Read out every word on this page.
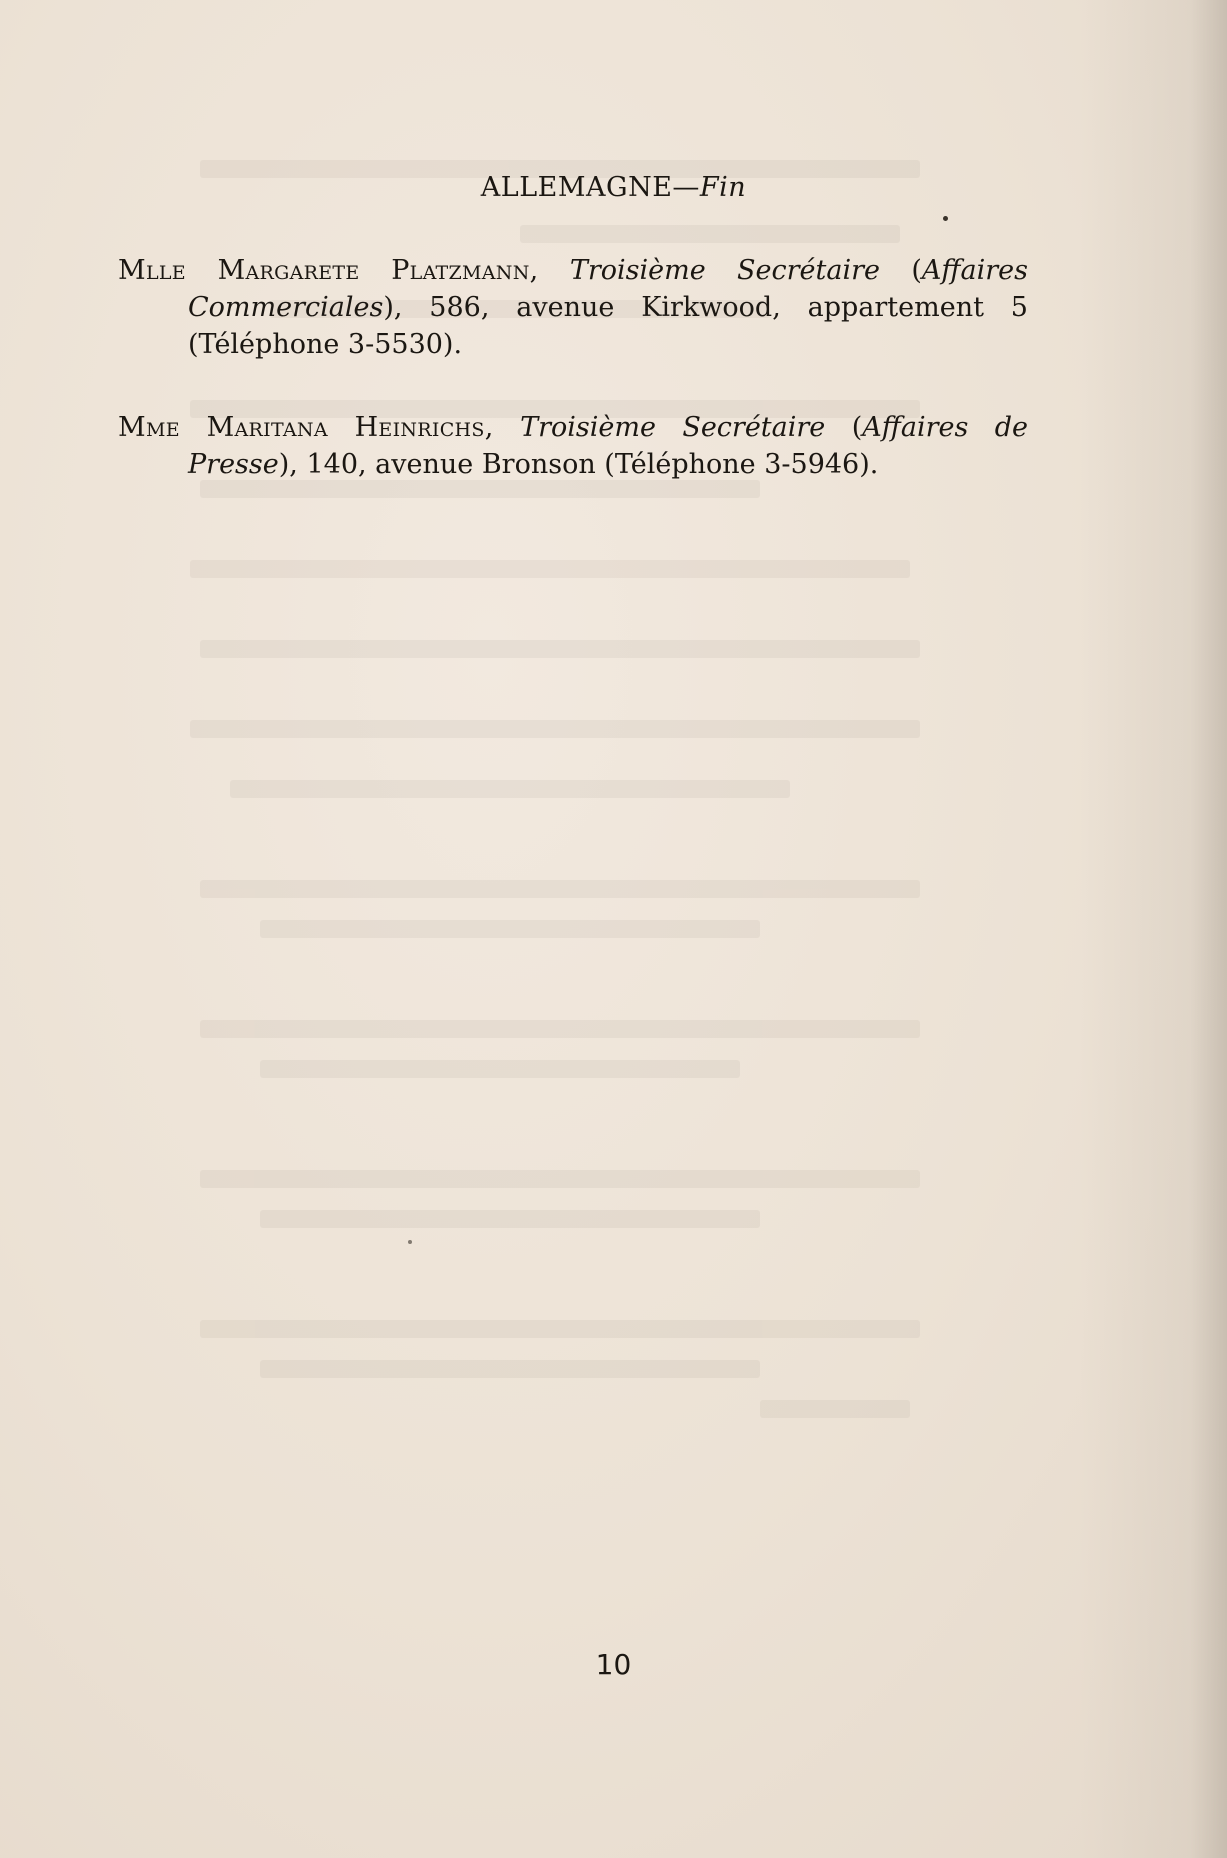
ALLEMAGNE—Fin
Mlle Margarete Platzmann, Troisième Secrétaire (Affaires Commerciales), 586, avenue Kirkwood, appartement 5 (Téléphone 3-5530).
Mme Maritana Heinrichs, Troisième Secrétaire (Affaires de Presse), 140, avenue Bronson (Téléphone 3-5946).
10
